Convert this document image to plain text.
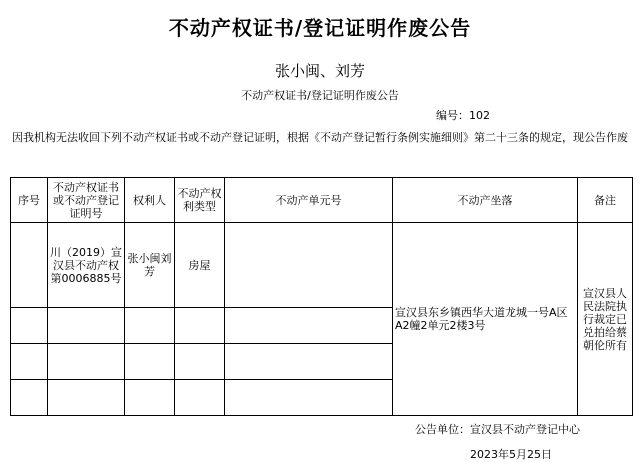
不动产权证书/登记证明作废公告
张小闽、刘芳
不动产权证书/登记证明作废公告
编号：102
因我机构无法收回下列不动产权证书或不动产登记证明，根据《不动产登记暂行条例实施细则》第二十三条的规定，现公告作废
序号	不动产权证书或不动产登记证明号	权利人	不动产权利类型	不动产单元号	不动产坐落	备注
	川（2019）宣汉县不动产权第0006885号	张小闽刘芳	房屋		宣汉县东乡镇西华大道龙城一号A区A2幢2单元2楼3号	宣汉县人民法院执行裁定已兑拍给蔡朝伦所有

公告单位：宣汉县不动产登记中心
2023年5月25日
